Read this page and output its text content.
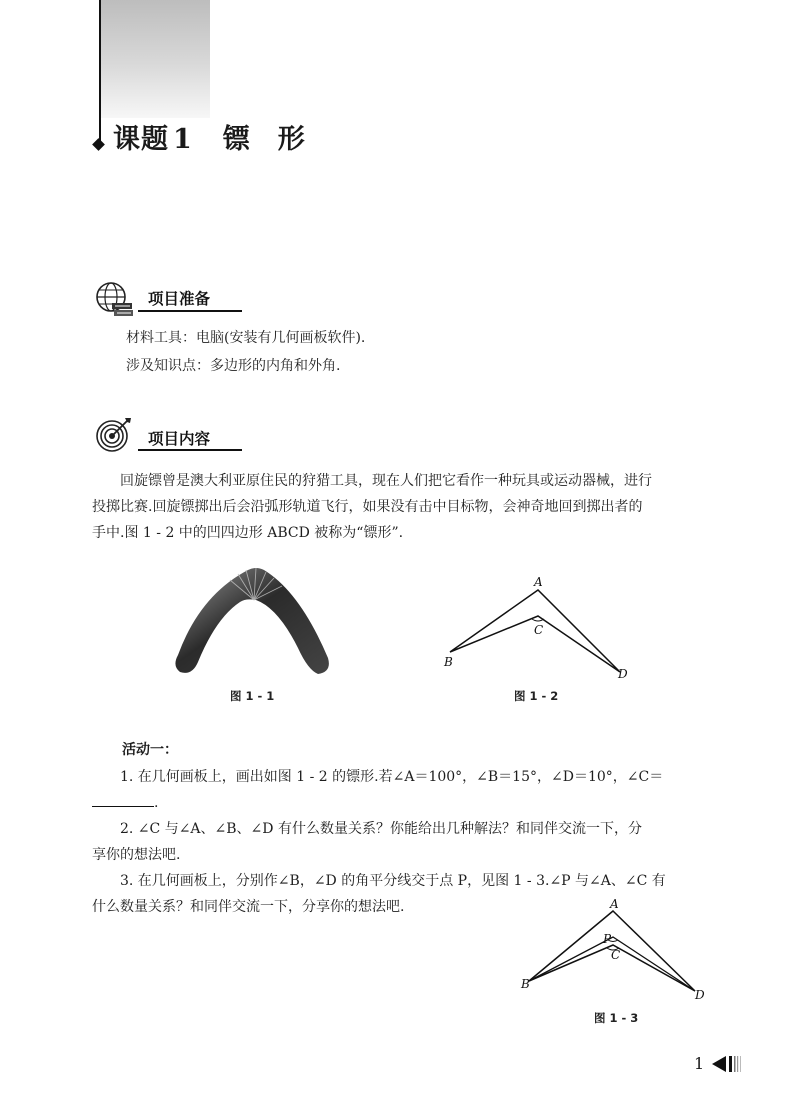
课题 1 镖形
项目准备
材料工具：电脑(安装有几何画板软件).
涉及知识点：多边形的内角和外角.
项目内容
回旋镖曾是澳大利亚原住民的狩猎工具，现在人们把它看作一种玩具或运动器械，进行
投掷比赛.回旋镖掷出后会沿弧形轨道飞行，如果没有击中目标物，会神奇地回到掷出者的
手中.图 1 - 2 中的凹四边形 ABCD 被称为“镖形”.
图 1 - 1
A
C
B
D
图 1 - 2
活动一：
1. 在几何画板上，画出如图 1 - 2 的镖形.若∠A＝100°，∠B＝15°，∠D＝10°，∠C＝
.
2. ∠C 与∠A、∠B、∠D 有什么数量关系？你能给出几种解法？和同伴交流一下，分
享你的想法吧.
3. 在几何画板上，分别作∠B，∠D 的角平分线交于点 P，见图 1 - 3.∠P 与∠A、∠C 有
什么数量关系？和同伴交流一下，分享你的想法吧.	A
P
C
B
D
图 1 - 3
1
